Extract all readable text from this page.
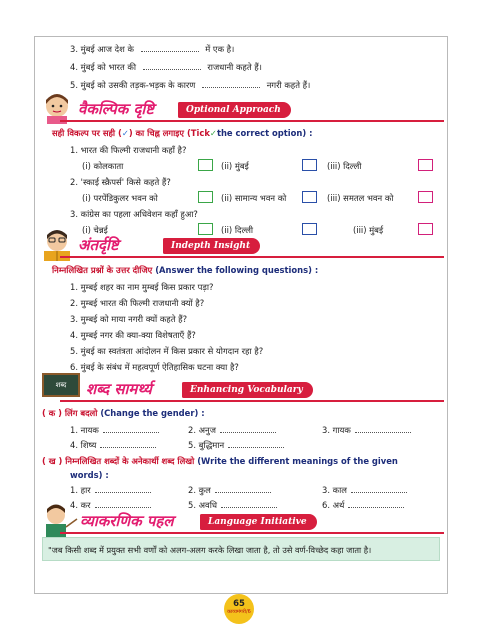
3. मुंबई आज देश के	में एक है।
4. मुंबई को भारत की	राजधानी कहते हैं।
5. मुंबई को उसकी तड़क-भड़क के कारण	नगरी कहते हैं।
वैकल्पिक दृष्टि	Optional Approach
सही विकल्प पर सही (✓) का चिह्न लगाइए (Tick✓the correct option) :
1. भारत की फिल्मी राजधानी कहाँ है?
(i) कोलकाता	(ii) मुंबई	(iii) दिल्ली
2. 'स्काई स्क्रैपर्स' किसे कहते हैं?
(i) परपेंडिकुलर भवन को	(ii) सामान्य भवन को	(iii) समतल भवन को
3. कांग्रेस का पहला अधिवेशन कहाँ हुआ?
(i) चेन्नई	(ii) दिल्ली	(iii) मुंबई
अंतर्दृष्टि	Indepth Insight
निम्नलिखित प्रश्नों के उत्तर दीजिए (Answer the following questions) :
1. मुम्बई शहर का नाम मुम्बई किस प्रकार पड़ा?
2. मुम्बई भारत की फिल्मी राजधानी क्यों है?
3. मुम्बई को माया नगरी क्यों कहते हैं?
4. मुम्बई नगर की क्या-क्या विशेषताएँ हैं?
5. मुंबई का स्वतंत्रता आंदोलन में किस प्रकार से योगदान रहा है?
6. मुंबई के संबंध में महत्वपूर्ण ऐतिहासिक घटना क्या है?
शब्द	शब्द सामर्थ्य	Enhancing Vocabulary
( क ) लिंग बदलो (Change the gender) :
1. नायक	2. अनुज	3. गायक
4. शिष्य	5. बुद्धिमान
( ख ) निम्नलिखित शब्दों के अनेकार्थी शब्द लिखो (Write the different meanings of the given
words) :
1. हार	2. कुल	3. काल
4. कर	5. अवधि	6. अर्थ
व्याकरणिक पहल	Language Initiative
"जब किसी शब्द में प्रयुक्त सभी वर्णों को अलग-अलग करके लिखा जाता है, तो उसे वर्ण-विच्छेद कहा जाता है।
65
काव्यमंगरी/6
